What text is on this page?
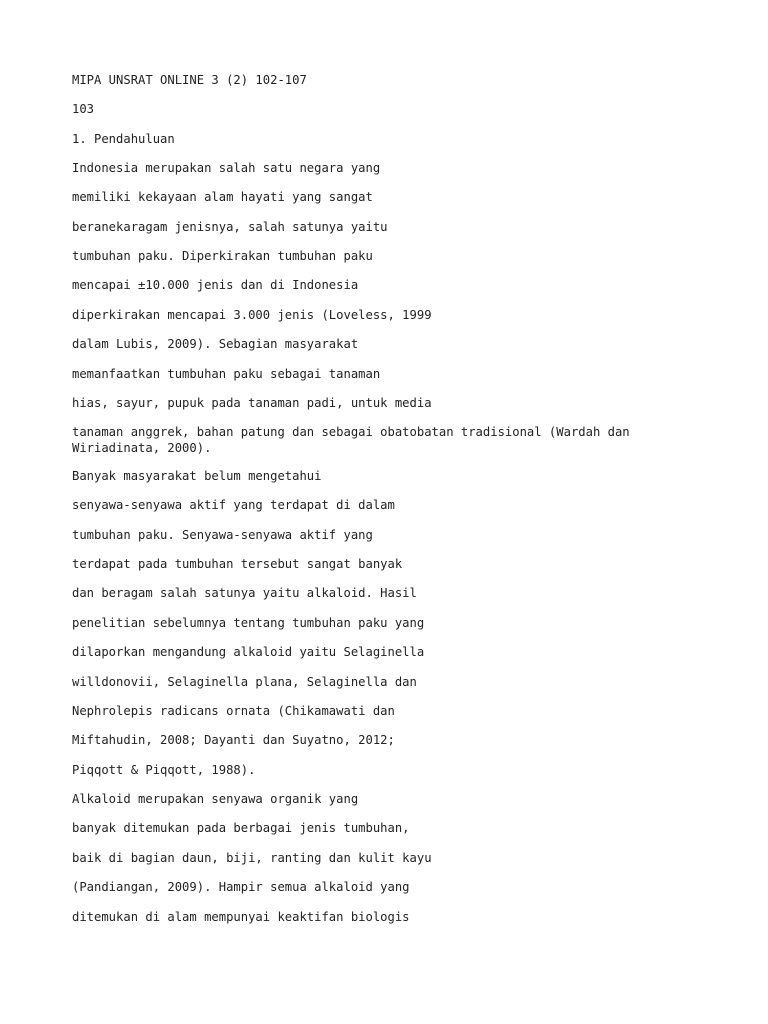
MIPA UNSRAT ONLINE 3 (2) 102-107

103

1. Pendahuluan

Indonesia merupakan salah satu negara yang

memiliki kekayaan alam hayati yang sangat

beranekaragam jenisnya, salah satunya yaitu

tumbuhan paku. Diperkirakan tumbuhan paku

mencapai ±10.000 jenis dan di Indonesia

diperkirakan mencapai 3.000 jenis (Loveless, 1999

dalam Lubis, 2009). Sebagian masyarakat

memanfaatkan tumbuhan paku sebagai tanaman

hias, sayur, pupuk pada tanaman padi, untuk media

tanaman anggrek, bahan patung dan sebagai obatobatan tradisional (Wardah dan Wiriadinata, 2000).

Banyak masyarakat belum mengetahui

senyawa-senyawa aktif yang terdapat di dalam

tumbuhan paku. Senyawa-senyawa aktif yang

terdapat pada tumbuhan tersebut sangat banyak

dan beragam salah satunya yaitu alkaloid. Hasil

penelitian sebelumnya tentang tumbuhan paku yang

dilaporkan mengandung alkaloid yaitu Selaginella

willdonovii, Selaginella plana, Selaginella dan

Nephrolepis radicans ornata (Chikamawati dan

Miftahudin, 2008; Dayanti dan Suyatno, 2012;

Piqqott & Piqqott, 1988).

Alkaloid merupakan senyawa organik yang

banyak ditemukan pada berbagai jenis tumbuhan,

baik di bagian daun, biji, ranting dan kulit kayu

(Pandiangan, 2009). Hampir semua alkaloid yang

ditemukan di alam mempunyai keaktifan biologis
